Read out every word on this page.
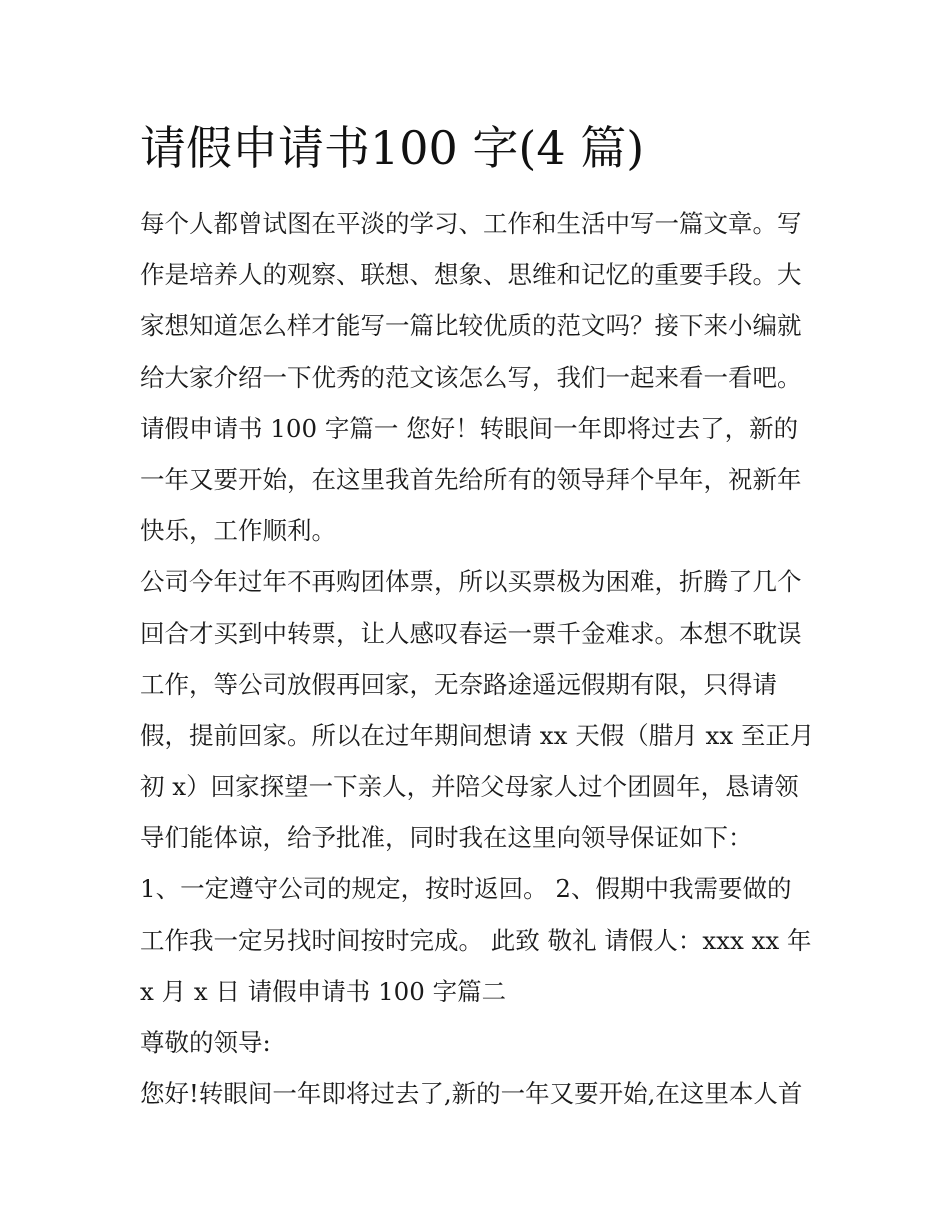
请假申请书100 字(4 篇)
每个人都曾试图在平淡的学习、工作和生活中写一篇文章。写
作是培养人的观察、联想、想象、思维和记忆的重要手段。大
家想知道怎么样才能写一篇比较优质的范文吗？接下来小编就
给大家介绍一下优秀的范文该怎么写，我们一起来看一看吧。
请假申请书 100 字篇一 您好！转眼间一年即将过去了，新的
一年又要开始，在这里我首先给所有的领导拜个早年，祝新年
快乐，工作顺利。
公司今年过年不再购团体票，所以买票极为困难，折腾了几个
回合才买到中转票，让人感叹春运一票千金难求。本想不耽误
工作，等公司放假再回家，无奈路途遥远假期有限，只得请
假，提前回家。所以在过年期间想请 xx 天假（腊月 xx 至正月
初 x）回家探望一下亲人，并陪父母家人过个团圆年，恳请领
导们能体谅，给予批准，同时我在这里向领导保证如下：
1、一定遵守公司的规定，按时返回。 2、假期中我需要做的
工作我一定另找时间按时完成。 此致 敬礼 请假人：xxx xx 年
x 月 x 日 请假申请书 100 字篇二
尊敬的领导:
您好!转眼间一年即将过去了,新的一年又要开始,在这里本人首
